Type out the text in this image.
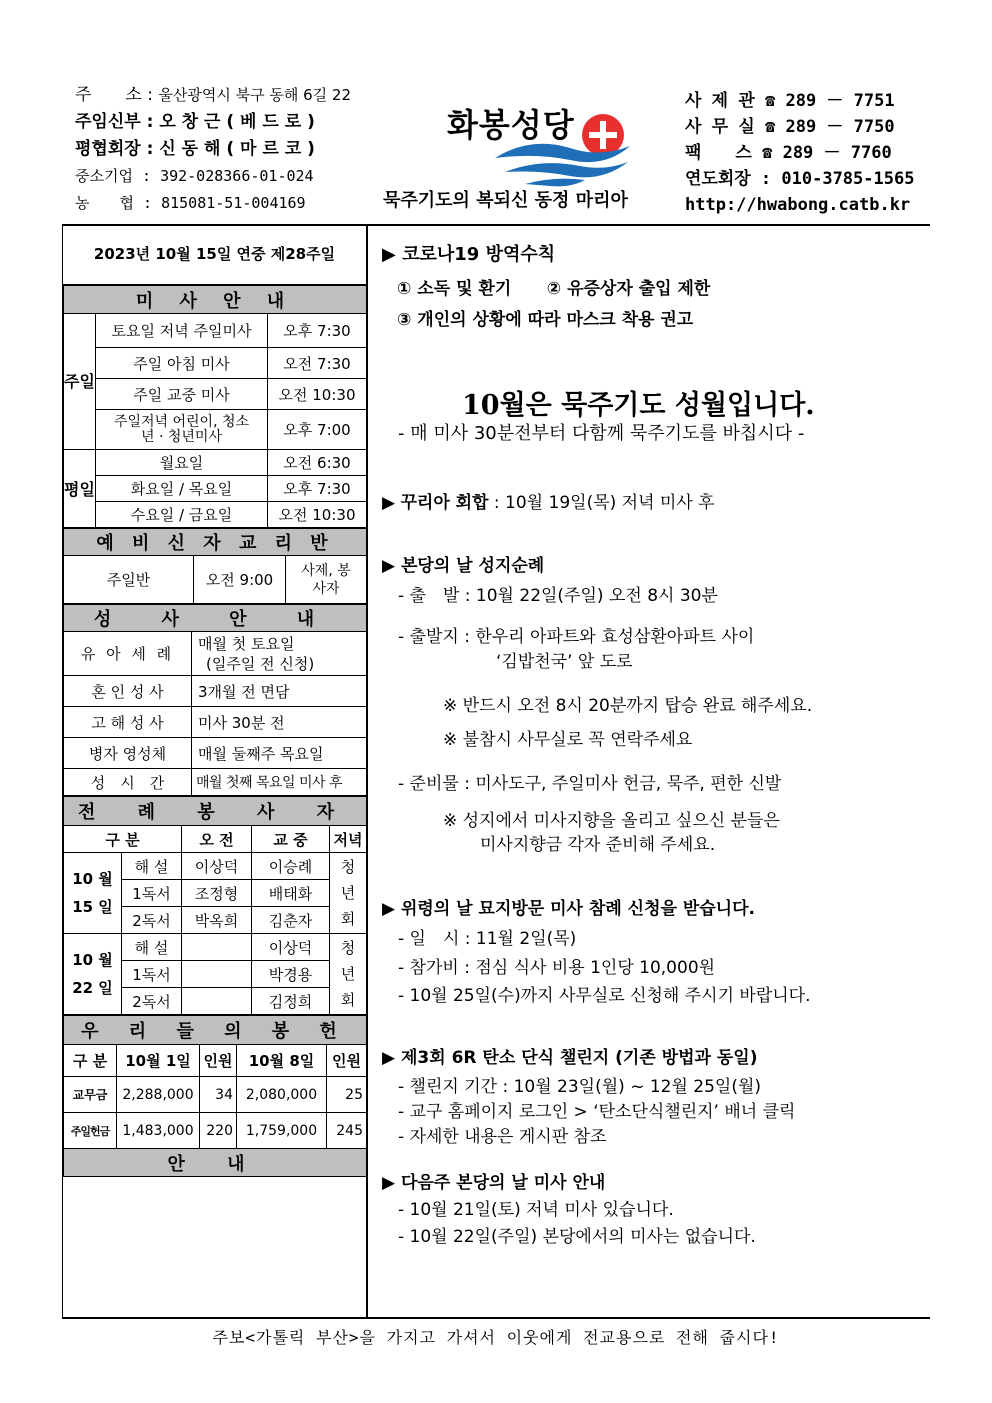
주　　소 : 울산광역시 북구 동해 6길 22
주임신부 : 오 창 근 ( 베 드 로 )
평협회장 : 신 동 해 ( 마 르 코 )
중소기업 : 392-028366-01-024
농　　협 : 815081-51-004169
화봉성당
묵주기도의 복되신 동정 마리아
사 제 관 ☎ 289 － 7751
사 무 실 ☎ 289 － 7750
팩　　스 ☎ 289 － 7760
연도회장 : 010-3785-1565
http://hwabong.catb.kr
2023년 10월 15일 연중 제28주일
미 사 안 내		
주일	토요일 저녁 주일미사	오후 7:30
	주일 아침 미사	오전 7:30
	주일 교중 미사	오전 10:30
	주일저녁 어린이, 청소년 · 청년미사	오후 7:00
평일	월요일	오전 6:30
	화요일 / 목요일	오후 7:30
	수요일 / 금요일	오전 10:30
예 비 신 자 교 리 반
주일반	오전 9:00	사제, 봉사자
성 사 안 내	
유 아 세 례	매월 첫 토요일
(일주일 전 신청)

혼 인 성 사	3개월 전 면담
고 해 성 사	미사 30분 전
병자 영성체	매월 둘째주 목요일
성　시　간	매월 첫째 목요일 미사 후
전 례 봉 사 자				
구 분		오 전	교 중	저녁

10 월
15 일	해 설	이상덕	이승례	청년회
	1독서	조정형	배태화	
	2독서	박옥희	김춘자	

10 월
22 일	해 설		이상덕	청년회
	1독서		박경용	
	2독서		김정희	
우 리 들 의 봉 헌				
구 분	10월 1일	인원	10월 8일	인원
교무금	2,288,000	34	2,080,000	25
주일헌금	1,483,000	220	1,759,000	245
안 내				
▶ 코로나19 방역수칙
① 소독 및 환기 ② 유증상자 출입 제한
③ 개인의 상황에 따라 마스크 착용 권고
10월은 묵주기도 성월입니다.
- 매 미사 30분전부터 다함께 묵주기도를 바칩시다 -
▶ 꾸리아 회합 : 10월 19일(목) 저녁 미사 후
▶ 본당의 날 성지순례
- 출　발 : 10월 22일(주일) 오전 8시 30분
- 출발지 : 한우리 아파트와 효성삼환아파트 사이
‘김밥천국’ 앞 도로
※ 반드시 오전 8시 20분까지 탑승 완료 해주세요.
※ 불참시 사무실로 꼭 연락주세요
- 준비물 : 미사도구, 주일미사 헌금, 묵주, 편한 신발
※ 성지에서 미사지향을 올리고 싶으신 분들은
미사지향금 각자 준비해 주세요.
▶ 위령의 날 묘지방문 미사 참례 신청을 받습니다.
- 일　시 : 11월 2일(목)
- 참가비 : 점심 식사 비용 1인당 10,000원
- 10월 25일(수)까지 사무실로 신청해 주시기 바랍니다.
▶ 제3회 6R 탄소 단식 챌린지 (기존 방법과 동일)
- 챌린지 기간 : 10월 23일(월) ~ 12월 25일(월)
- 교구 홈페이지 로그인 > ‘탄소단식챌린지’ 배너 클릭
- 자세한 내용은 게시판 참조
▶ 다음주 본당의 날 미사 안내
- 10월 21일(토) 저녁 미사 있습니다.
- 10월 22일(주일) 본당에서의 미사는 없습니다.
주보<가톨릭 부산>을 가지고 가셔서 이웃에게 전교용으로 전해 줍시다!
